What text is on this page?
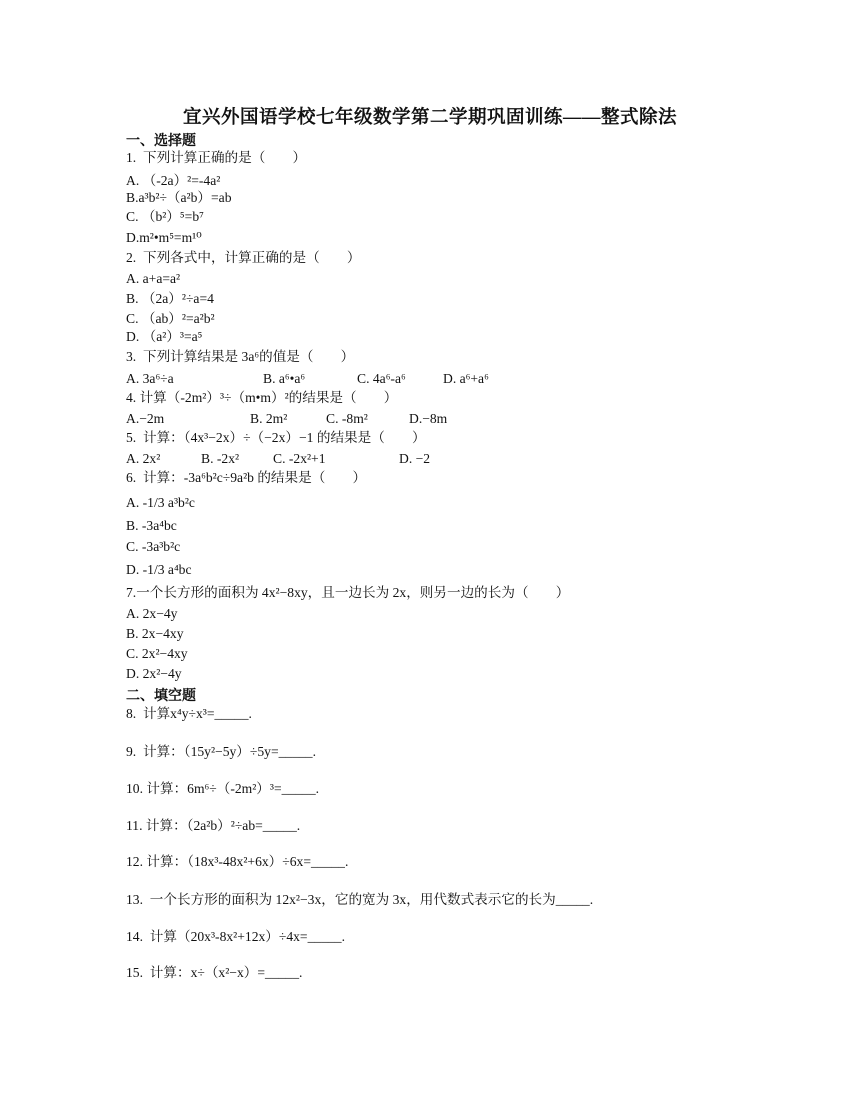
宜兴外国语学校七年级数学第二学期巩固训练——整式除法
一、选择题
1.  下列计算正确的是（        ）
A. （-2a）²=-4a²
B.a³b²÷（a²b）=ab
C. （b²）⁵=b⁷
D.m²•m⁵=m¹⁰
2.  下列各式中，计算正确的是（        ）
A. a+a=a²
B. （2a）²÷a=4
C. （ab）²=a²b²
D. （a²）³=a⁵
3.  下列计算结果是 3a⁶的值是（        ）

A. 3a⁶÷a

	B. a⁶•a⁶

	C. 4a⁶-a⁶

	D. a⁶+a⁶

4. 计算（-2m²）³÷（m•m）²的结果是（        ）

A.−2m

	B. 2m²

	C. -8m²

	D.−8m

5.  计算：（4x³−2x）÷（−2x）−1 的结果是（        ）

A. 2x²

	B. -2x²

C. -2x²+1

	D. −2

6.  计算：-3a⁶b²c÷9a²b 的结果是（        ）
A. -1/3 a³b²c
B. -3a⁴bc
C. -3a³b²c
D. -1/3 a⁴bc
7.一个长方形的面积为 4x²−8xy，且一边长为 2x，则另一边的长为（        ）
A. 2x−4y
B. 2x−4xy
C. 2x²−4xy
D. 2x²−4y
二、填空题
8.  计算x⁴y÷x³=_____.
9.  计算：（15y²−5y）÷5y=_____.
10. 计算：6m⁶÷（-2m²）³=_____.
11. 计算：（2a²b）²÷ab=_____.
12. 计算：（18x³-48x²+6x）÷6x=_____.
13.  一个长方形的面积为 12x²−3x，它的宽为 3x，用代数式表示它的长为_____.
14.  计算（20x³-8x²+12x）÷4x=_____.
15.  计算：x÷（x²−x）=_____.
